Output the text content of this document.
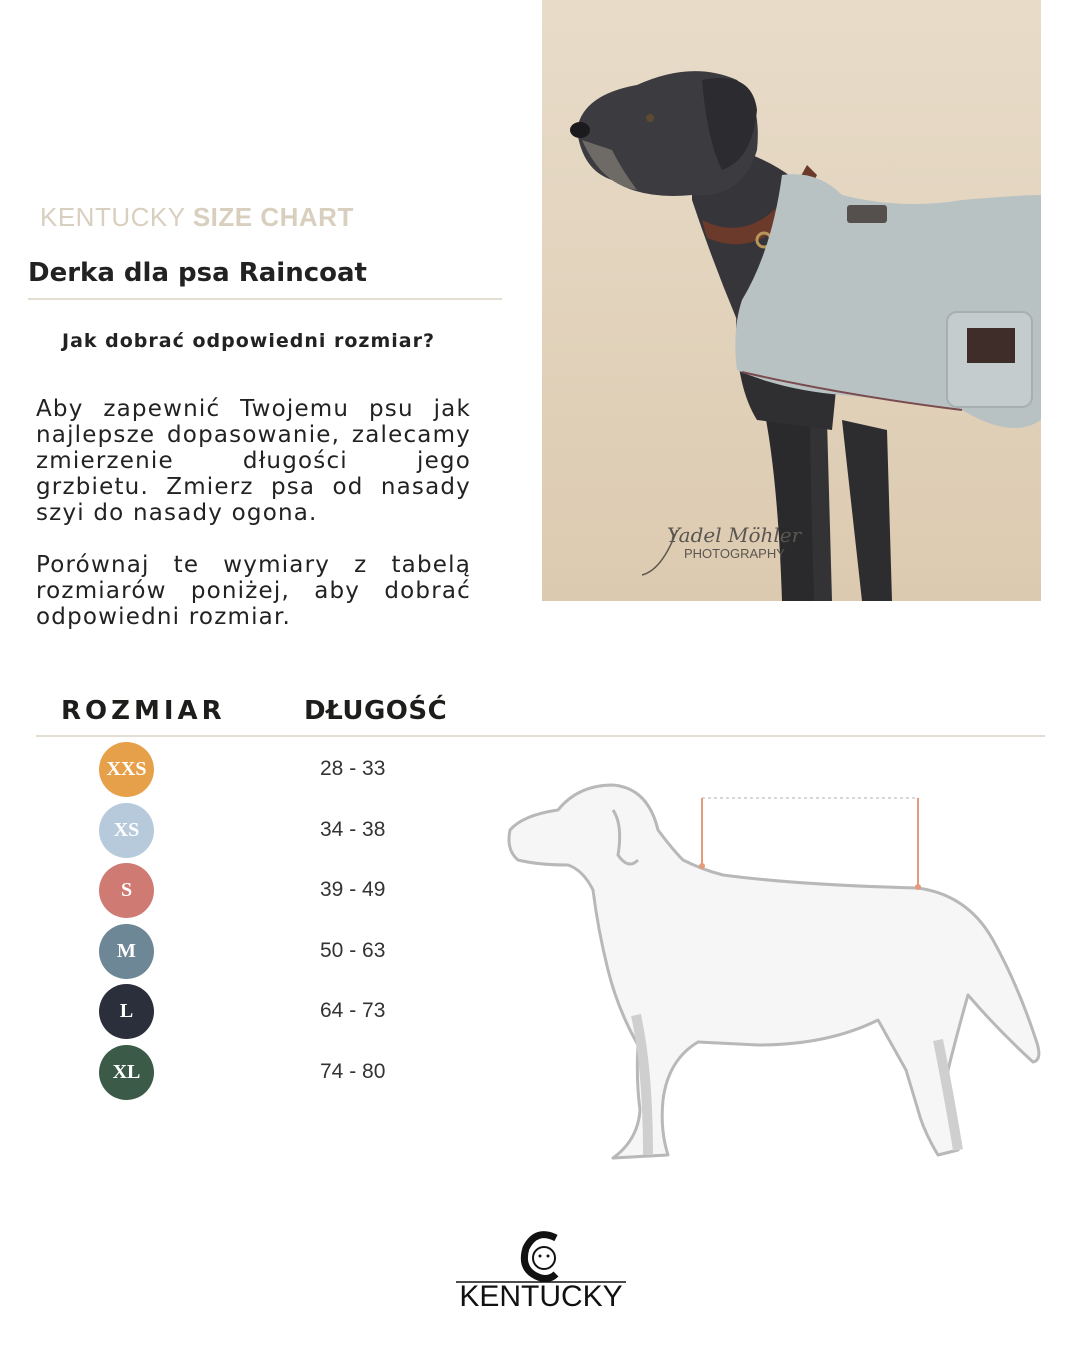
KENTUCKY SIZE CHART
Derka dla psa Raincoat
Jak dobrać odpowiedni rozmiar?

Aby zapewnić Twojemu psu jak najlepsze dopasowanie, zalecamy zmierzenie długości jego grzbietu. Zmierz psa od nasady szyi do nasady ogona.

Porównaj te wymiary z tabelą rozmiarów poniżej, aby dobrać odpowiedni rozmiar.

Yadel Möhler
PHOTOGRAPHY
ROZMIAR	DŁUGOŚĆ
XXS	28 - 33
XS	34 - 38
S	39 - 49
M	50 - 63
L	64 - 73
XL	74 - 80
KENTUCKY
